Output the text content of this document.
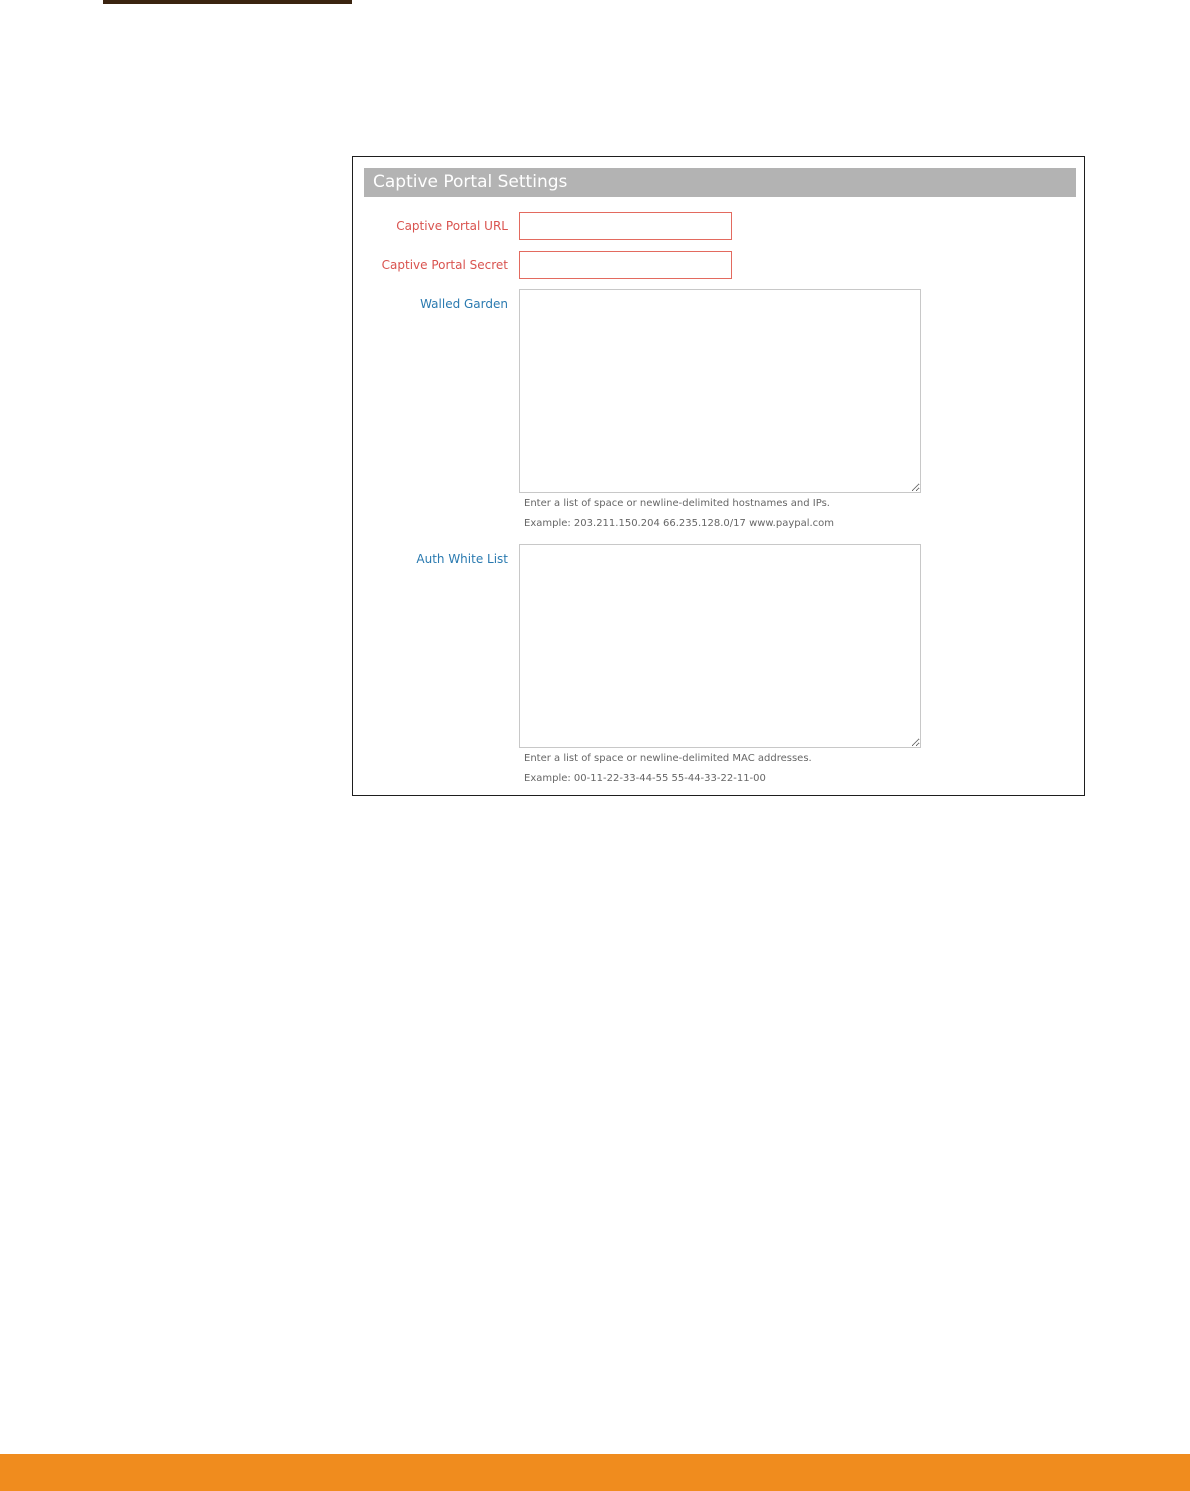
Captive Portal Settings
Captive Portal URL
Captive Portal Secret
Walled Garden
Enter a list of space or newline-delimited hostnames and IPs.
Example: 203.211.150.204 66.235.128.0/17 www.paypal.com
Auth White List
Enter a list of space or newline-delimited MAC addresses.
Example: 00-11-22-33-44-55 55-44-33-22-11-00
